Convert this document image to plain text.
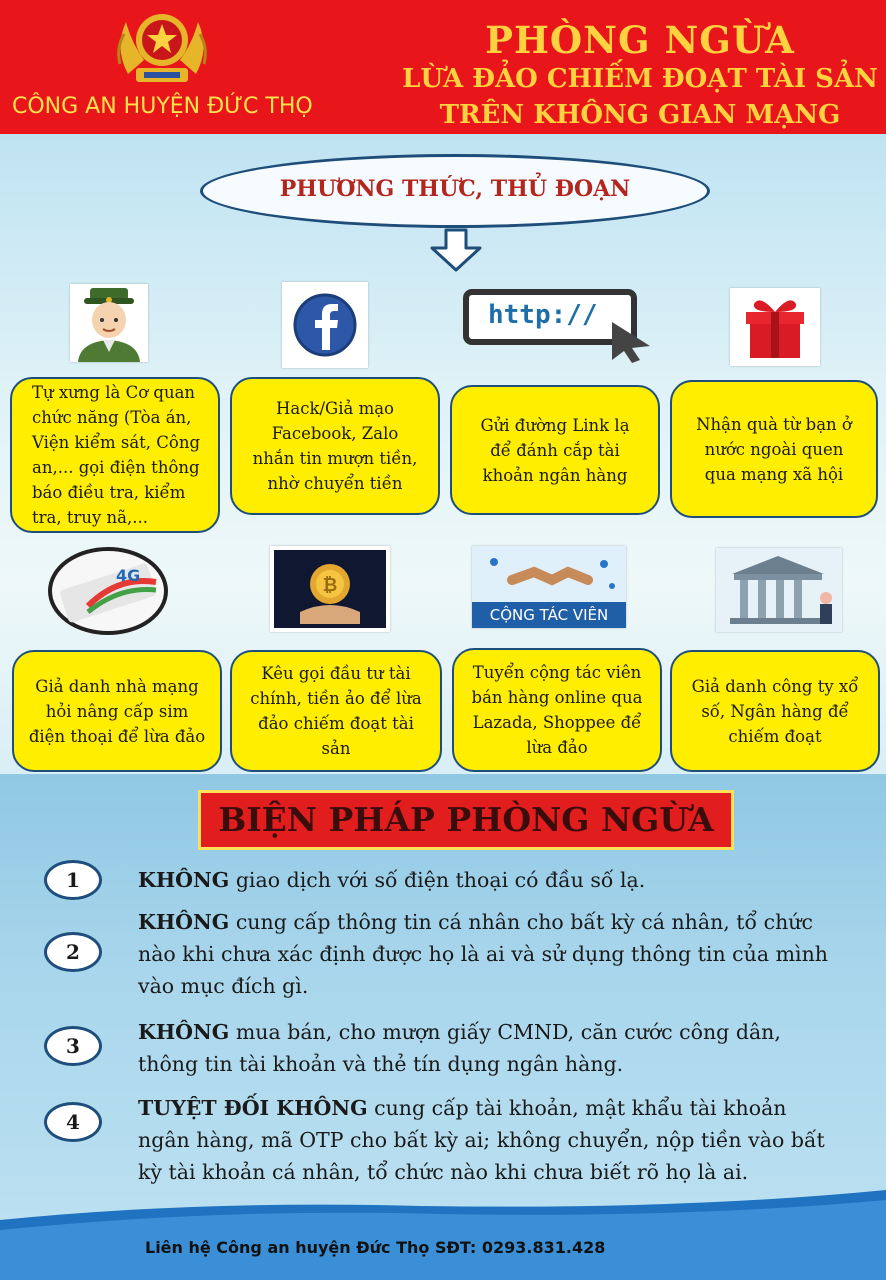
CÔNG AN HUYỆN ĐỨC THỌ
PHÒNG NGỪA
LỪA ĐẢO CHIẾM ĐOẠT TÀI SẢN
TRÊN KHÔNG GIAN MẠNG
PHƯƠNG THỨC, THỦ ĐOẠN
http://
Tự xưng là Cơ quan chức năng (Tòa án, Viện kiểm sát, Công an,... gọi điện thông báo điều tra, kiểm tra, truy nã,...
Hack/Giả mạo Facebook, Zalo nhắn tin mượn tiền, nhờ chuyển tiền
Gửi đường Link lạ để đánh cắp tài khoản ngân hàng
Nhận quà từ bạn ở nước ngoài quen qua mạng xã hội
4G	₿
CỘNG TÁC VIÊN
Giả danh nhà mạng hỏi nâng cấp sim điện thoại để lừa đảo
Kêu gọi đầu tư tài chính, tiền ảo để lừa đảo chiếm đoạt tài sản
Tuyển cộng tác viên bán hàng online qua Lazada, Shoppee để lừa đảo
Giả danh công ty xổ số, Ngân hàng để chiếm đoạt
BIỆN PHÁP PHÒNG NGỪA
1	KHÔNG giao dịch với số điện thoại có đầu số lạ.
2
KHÔNG cung cấp thông tin cá nhân cho bất kỳ cá nhân, tổ chức nào khi chưa xác định được họ là ai và sử dụng thông tin của mình vào mục đích gì.
3
KHÔNG mua bán, cho mượn giấy CMND, căn cước công dân, thông tin tài khoản và thẻ tín dụng ngân hàng.
4
TUYỆT ĐỐI KHÔNG cung cấp tài khoản, mật khẩu tài khoản ngân hàng, mã OTP cho bất kỳ ai; không chuyển, nộp tiền vào bất kỳ tài khoản cá nhân, tổ chức nào khi chưa biết rõ họ là ai.
Liên hệ Công an huyện Đức Thọ SĐT: 0293.831.428
